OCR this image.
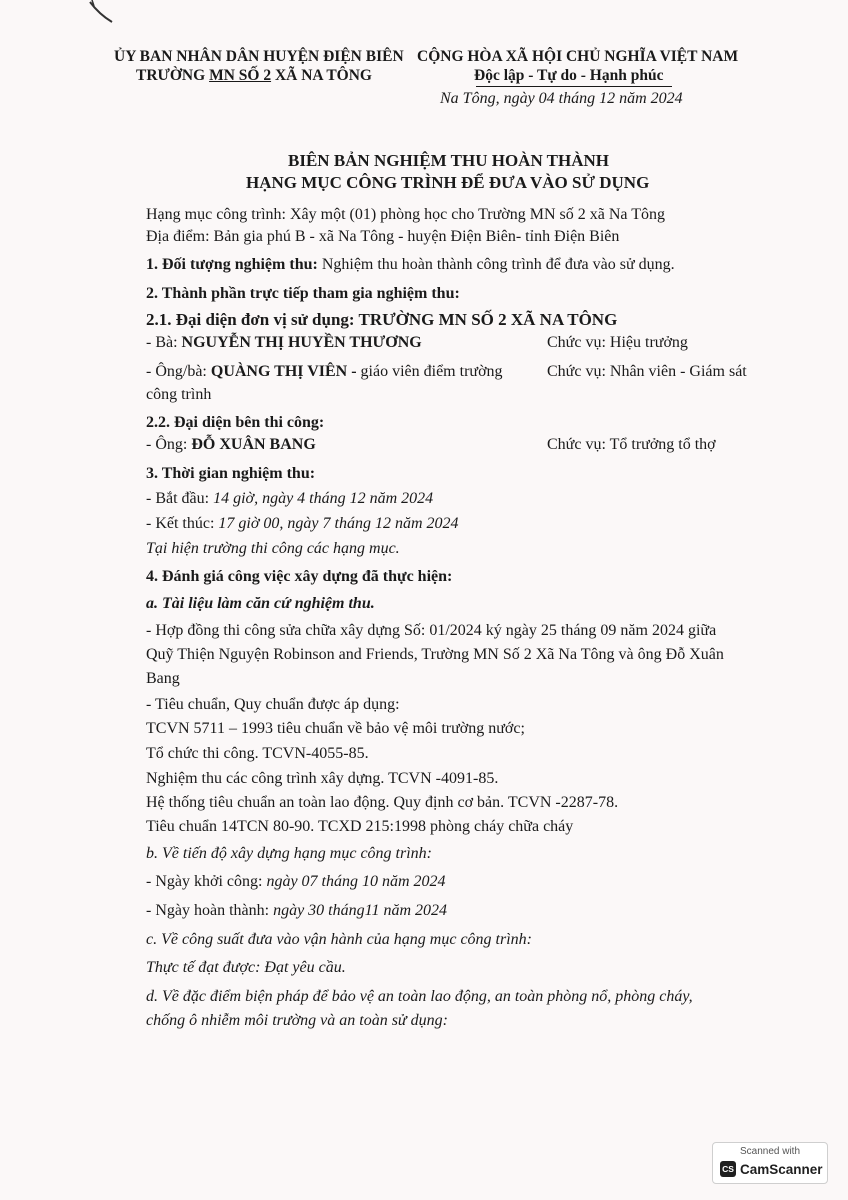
ỦY BAN NHÂN DÂN HUYỆN ĐIỆN BIÊN
TRƯỜNG MN SỐ 2 XÃ NA TÔNG
CỘNG HÒA XÃ HỘI CHỦ NGHĨA VIỆT NAM
Độc lập - Tự do - Hạnh phúc
Na Tông, ngày 04 tháng 12 năm 2024
BIÊN BẢN NGHIỆM THU HOÀN THÀNH
HẠNG MỤC CÔNG TRÌNH ĐỂ ĐƯA VÀO SỬ DỤNG
Hạng mục công trình: Xây một (01) phòng học cho Trường MN số 2 xã Na Tông
Địa điểm: Bản gia phú B - xã Na Tông - huyện Điện Biên- tỉnh Điện Biên
1. Đối tượng nghiệm thu: Nghiệm thu hoàn thành công trình để đưa vào sử dụng.
2. Thành phần trực tiếp tham gia nghiệm thu:
2.1. Đại diện đơn vị sử dụng: TRƯỜNG MN SỐ 2 XÃ NA TÔNG
- Bà: NGUYỄN THỊ HUYỀN THƯƠNG	Chức vụ: Hiệu trưởng
- Ông/bà: QUÀNG THỊ VIÊN - giáo viên điểm trường	Chức vụ: Nhân viên - Giám sát
công trình
2.2. Đại diện bên thi công:
- Ông: ĐỖ XUÂN BANG	Chức vụ: Tổ trưởng tổ thợ
3. Thời gian nghiệm thu:
- Bắt đầu: 14 giờ, ngày 4 tháng 12 năm 2024
- Kết thúc: 17 giờ 00, ngày 7 tháng 12 năm 2024
Tại hiện trường thi công các hạng mục.
4. Đánh giá công việc xây dựng đã thực hiện:
a. Tài liệu làm căn cứ nghiệm thu.
- Hợp đồng thi công sửa chữa xây dựng Số: 01/2024 ký ngày 25 tháng 09 năm 2024 giữa
Quỹ Thiện Nguyện Robinson and Friends, Trường MN Số 2 Xã Na Tông và ông Đỗ Xuân
Bang
- Tiêu chuẩn, Quy chuẩn được áp dụng:
TCVN 5711 – 1993 tiêu chuẩn về bảo vệ môi trường nước;
Tổ chức thi công. TCVN-4055-85.
Nghiệm thu các công trình xây dựng. TCVN -4091-85.
Hệ thống tiêu chuẩn an toàn lao động. Quy định cơ bản. TCVN -2287-78.
Tiêu chuẩn 14TCN 80-90. TCXD 215:1998 phòng cháy chữa cháy
b. Về tiến độ xây dựng hạng mục công trình:
- Ngày khởi công: ngày 07 tháng 10 năm 2024
- Ngày hoàn thành: ngày 30 tháng11 năm 2024
c. Về công suất đưa vào vận hành của hạng mục công trình:
Thực tế đạt được: Đạt yêu cầu.
d. Về đặc điểm biện pháp để bảo vệ an toàn lao động, an toàn phòng nổ, phòng cháy,
chống ô nhiễm môi trường và an toàn sử dụng:
Scanned with
CS CamScanner
